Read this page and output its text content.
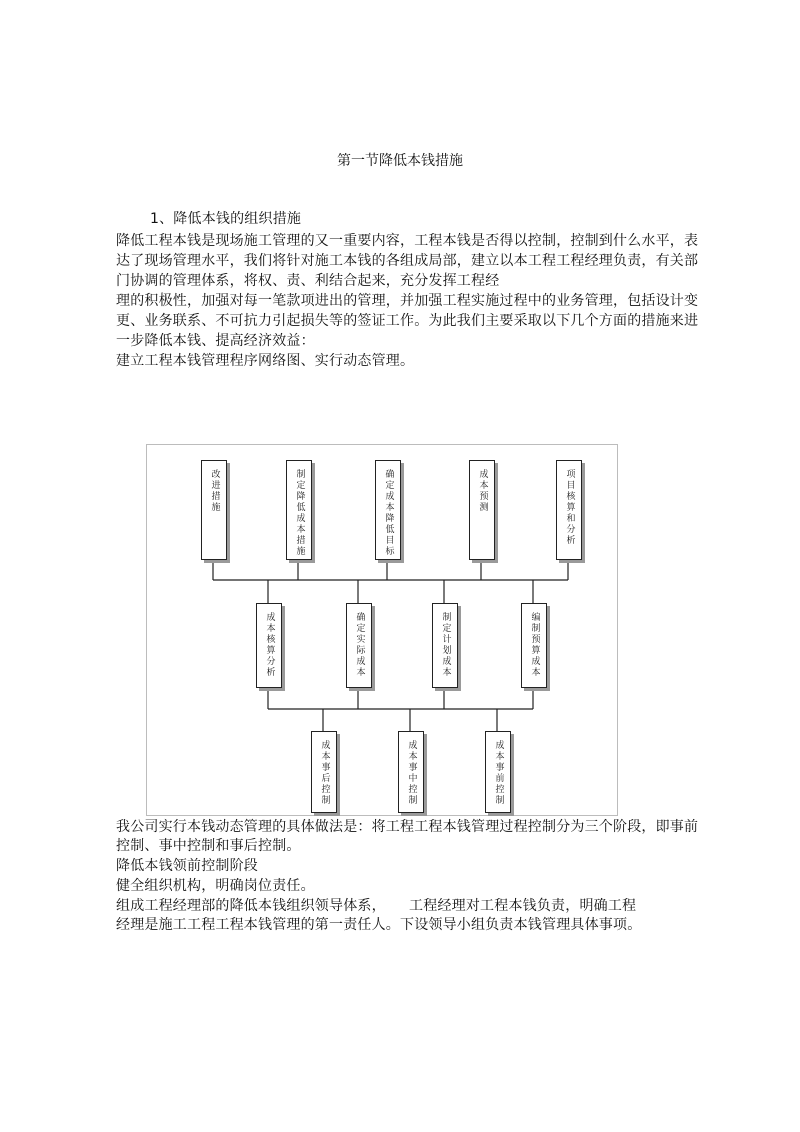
第一节降低本钱措施
1、降低本钱的组织措施
降低工程本钱是现场施工管理的又一重要内容，工程本钱是否得以控制，控制到什么水平，表
达了现场管理水平，我们将针对施工本钱的各组成局部，建立以本工程工程经理负责，有关部
门协调的管理体系，将权、责、利结合起来，充分发挥工程经
理的积极性，加强对每一笔款项进出的管理，并加强工程实施过程中的业务管理，包括设计变
更、业务联系、不可抗力引起损失等的签证工作。为此我们主要采取以下几个方面的措施来进
一步降低本钱、提高经济效益：
建立工程本钱管理程序网络图、实行动态管理。
改进措施	制定降低成本措施	确定成本降低目标	成本预测	项目核算和分析
成本核算分析	确定实际成本	制定计划成本	编制预算成本
成本事后控制	成本事中控制	成本事前控制
我公司实行本钱动态管理的具体做法是：将工程工程本钱管理过程控制分为三个阶段，即事前
控制、事中控制和事后控制。
降低本钱领前控制阶段
健全组织机构，明确岗位责任。
组成工程经理部的降低本钱组织领导体系，     工程经理对工程本钱负责，明确工程
经理是施工工程工程本钱管理的第一责任人。下设领导小组负责本钱管理具体事项。
